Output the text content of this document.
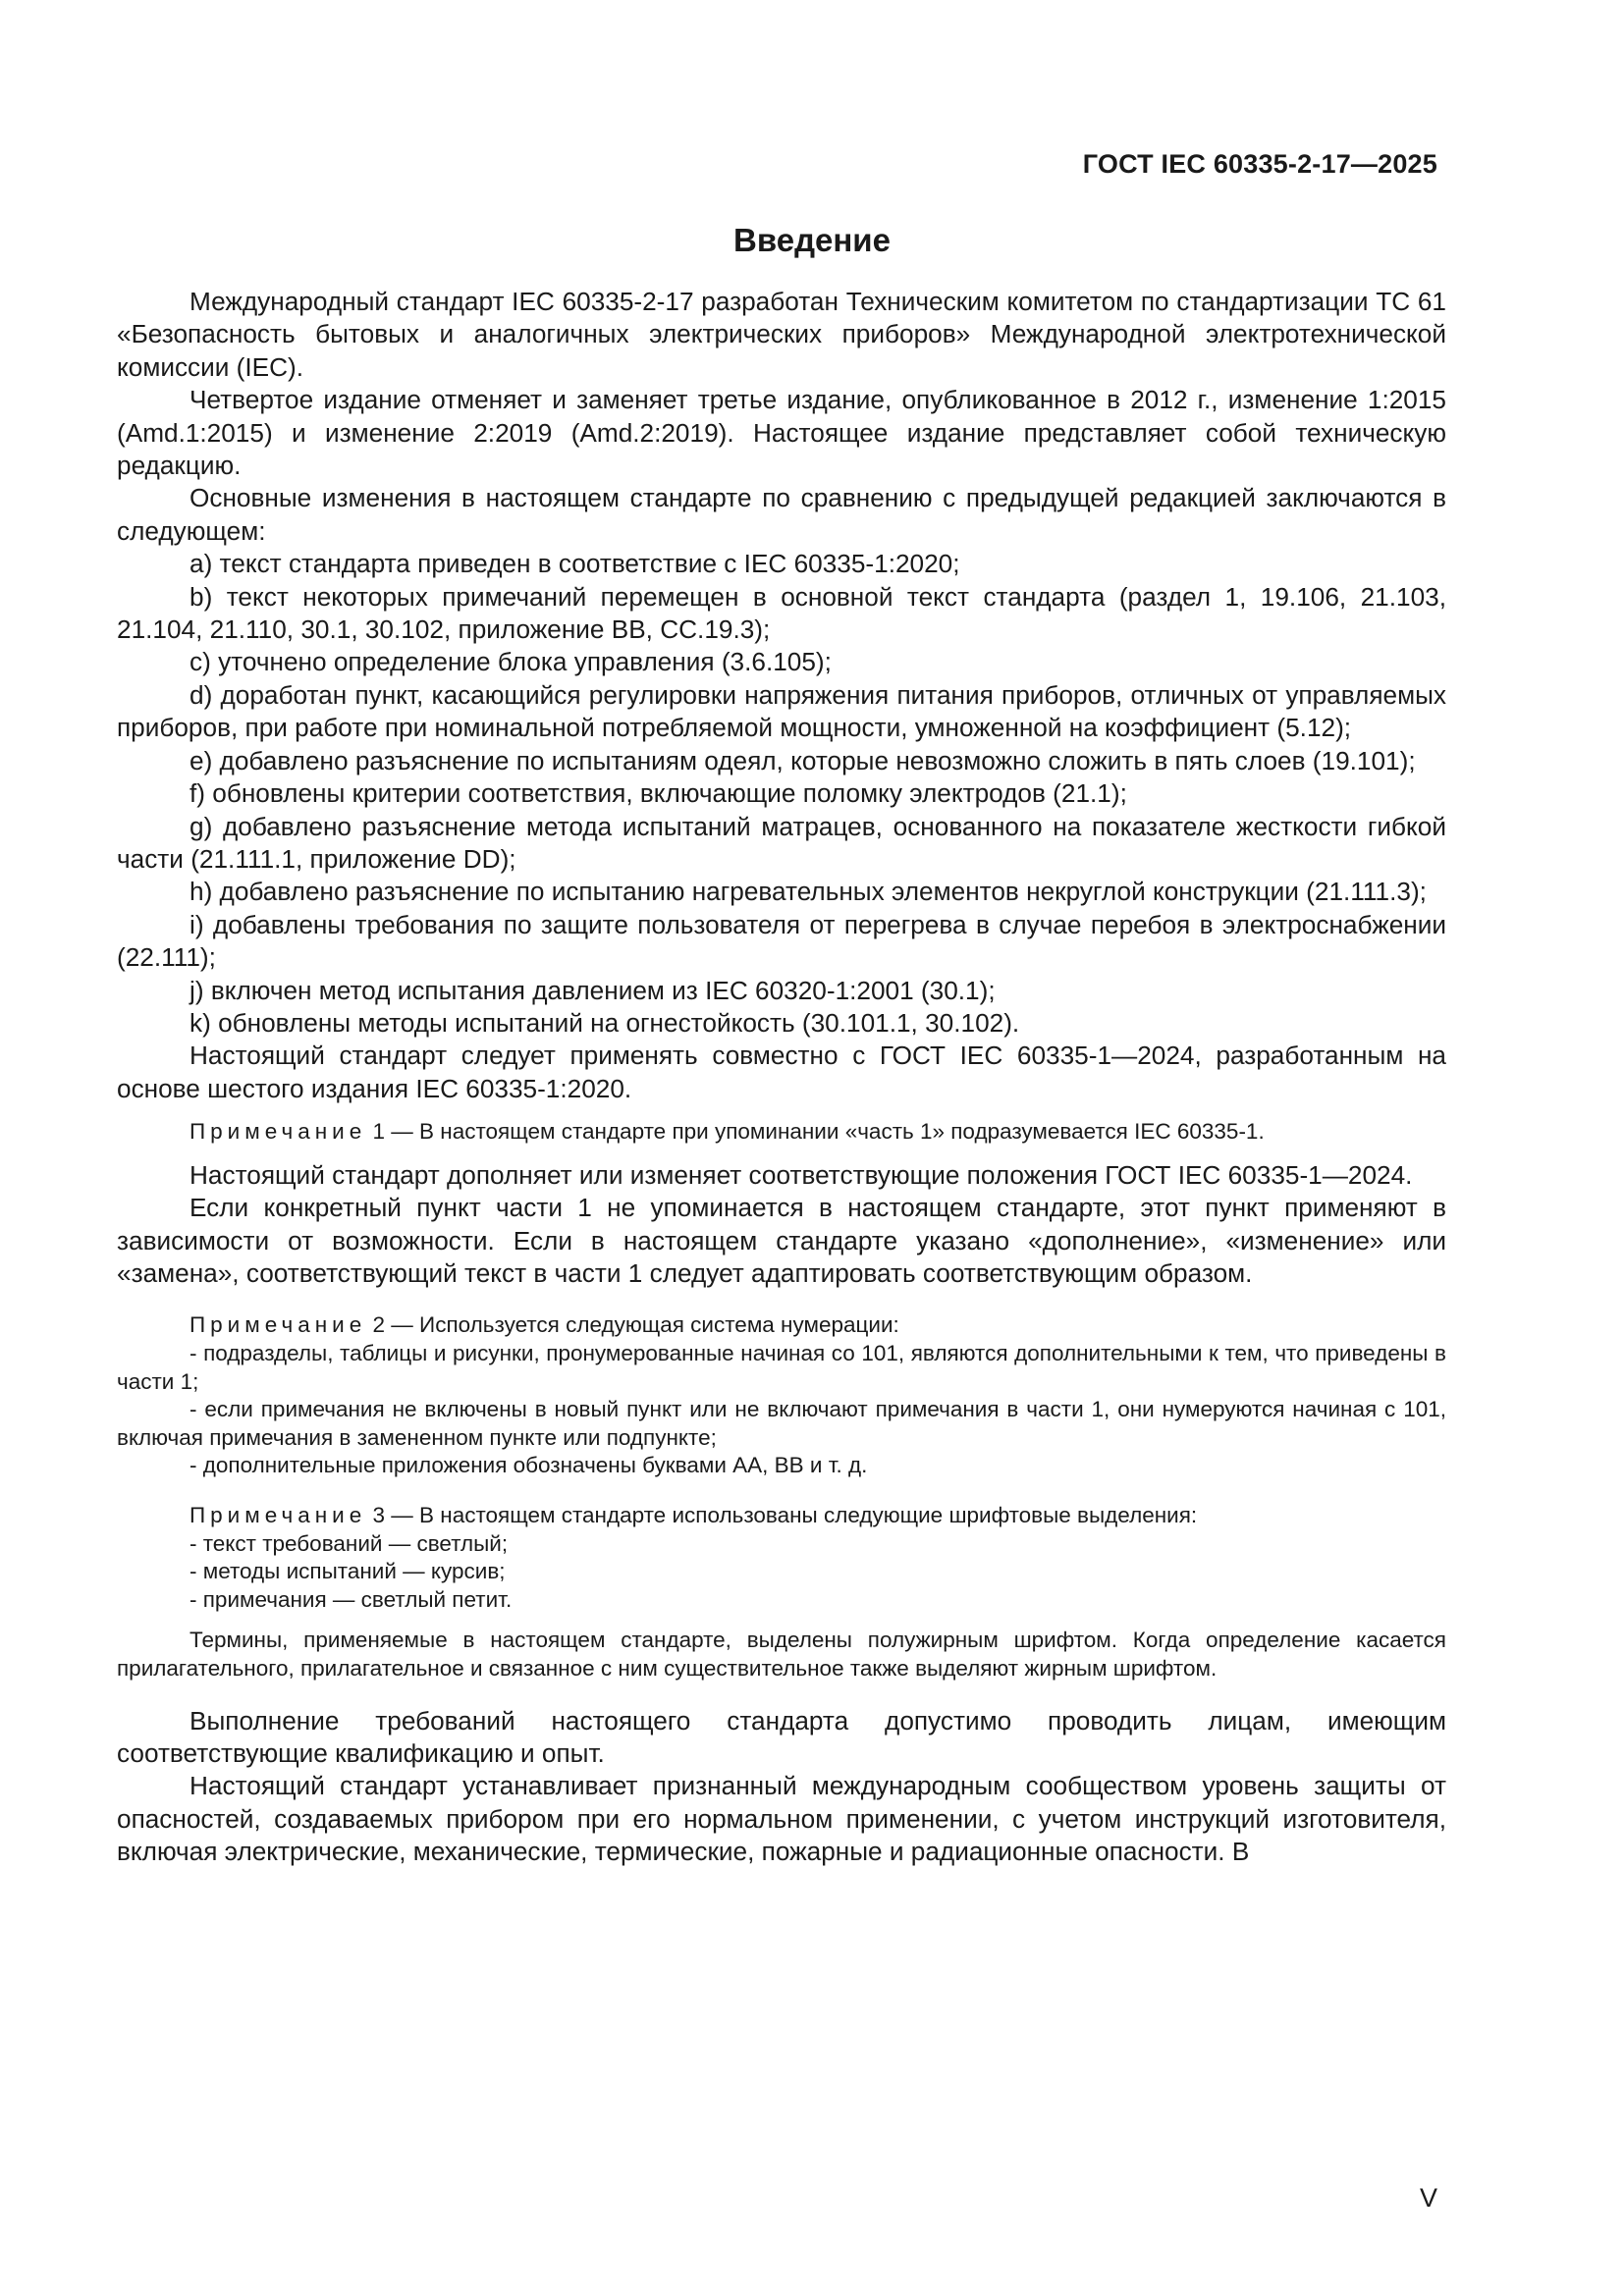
ГОСТ IEC 60335-2-17—2025
Введение

Международный стандарт IEC 60335-2-17 разработан Техническим комитетом по стандартизации TC 61 «Безопасность бытовых и аналогичных электрических приборов» Международной электротехнической комиссии (IEC).

Четвертое издание отменяет и заменяет третье издание, опубликованное в 2012 г., изменение 1:2015 (Amd.1:2015) и изменение 2:2019 (Amd.2:2019). Настоящее издание представляет собой техническую редакцию.

Основные изменения в настоящем стандарте по сравнению с предыдущей редакцией заключаются в следующем:

a) текст стандарта приведен в соответствие с IEC 60335-1:2020;

b) текст некоторых примечаний перемещен в основной текст стандарта (раздел 1, 19.106, 21.103, 21.104, 21.110, 30.1, 30.102, приложение BB, CC.19.3);

c) уточнено определение блока управления (3.6.105);

d) доработан пункт, касающийся регулировки напряжения питания приборов, отличных от управляемых приборов, при работе при номинальной потребляемой мощности, умноженной на коэффициент (5.12);

e) добавлено разъяснение по испытаниям одеял, которые невозможно сложить в пять слоев (19.101);

f) обновлены критерии соответствия, включающие поломку электродов (21.1);

g) добавлено разъяснение метода испытаний матрацев, основанного на показателе жесткости гибкой части (21.111.1, приложение DD);

h) добавлено разъяснение по испытанию нагревательных элементов некруглой конструкции (21.111.3);

i) добавлены требования по защите пользователя от перегрева в случае перебоя в электроснабжении (22.111);

j) включен метод испытания давлением из IEC 60320-1:2001 (30.1);

k) обновлены методы испытаний на огнестойкость (30.101.1, 30.102).

Настоящий стандарт следует применять совместно с ГОСТ IEC 60335-1—2024, разработанным на основе шестого издания IEC 60335-1:2020.

Примечание 1 — В настоящем стандарте при упоминании «часть 1» подразумевается IEC 60335-1.

Настоящий стандарт дополняет или изменяет соответствующие положения ГОСТ IEC 60335-1—2024.

Если конкретный пункт части 1 не упоминается в настоящем стандарте, этот пункт применяют в зависимости от возможности. Если в настоящем стандарте указано «дополнение», «изменение» или «замена», соответствующий текст в части 1 следует адаптировать соответствующим образом.

Примечание 2 — Используется следующая система нумерации:

- подразделы, таблицы и рисунки, пронумерованные начиная со 101, являются дополнительными к тем, что приведены в части 1;

- если примечания не включены в новый пункт или не включают примечания в части 1, они нумеруются начиная с 101, включая примечания в замененном пункте или подпункте;

- дополнительные приложения обозначены буквами AA, BB и т. д.

Примечание 3 — В настоящем стандарте использованы следующие шрифтовые выделения:

- текст требований — светлый;

- методы испытаний — курсив;

- примечания — светлый петит.

Термины, применяемые в настоящем стандарте, выделены полужирным шрифтом. Когда определение касается прилагательного, прилагательное и связанное с ним существительное также выделяют жирным шрифтом.

Выполнение требований настоящего стандарта допустимо проводить лицам, имеющим соответствующие квалификацию и опыт.

Настоящий стандарт устанавливает признанный международным сообществом уровень защиты от опасностей, создаваемых прибором при его нормальном применении, с учетом инструкций изготовителя, включая электрические, механические, термические, пожарные и радиационные опасности. В

V
